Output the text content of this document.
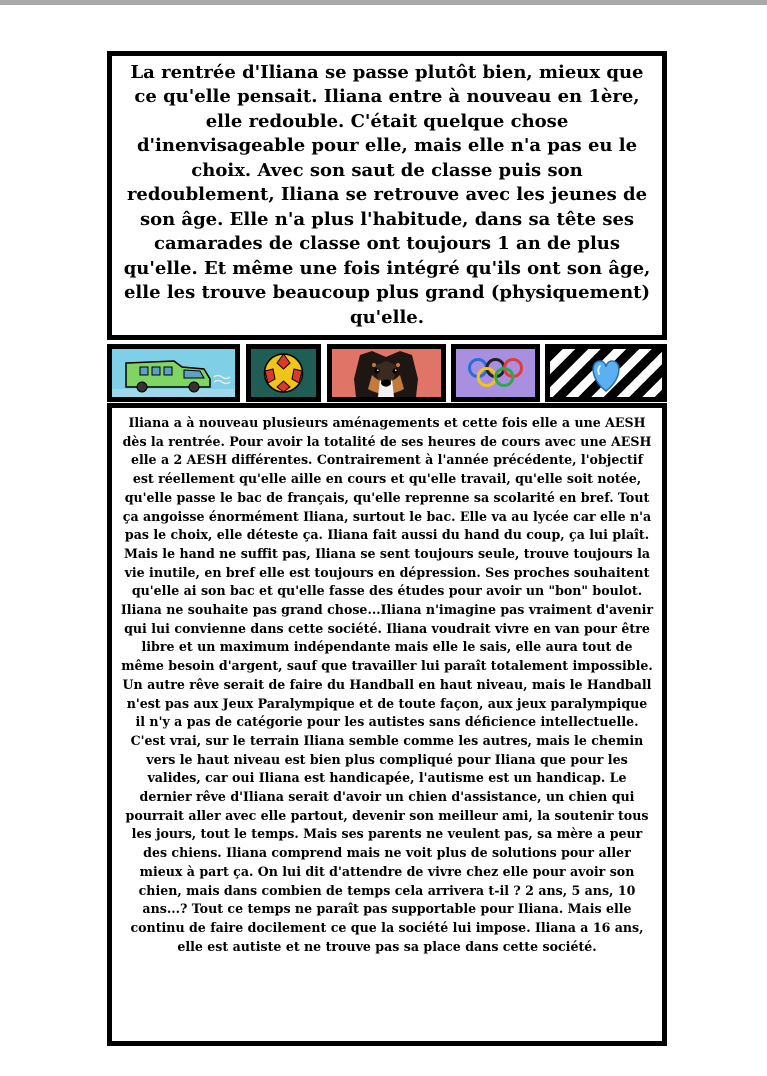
La rentrée d'Iliana se passe plutôt bien, mieux que ce qu'elle pensait. Iliana entre à nouveau en 1ère, elle redouble. C'était quelque chose d'inenvisageable pour elle, mais elle n'a pas eu le choix. Avec son saut de classe puis son redoublement, Iliana se retrouve avec les jeunes de son âge. Elle n'a plus l'habitude, dans sa tête ses camarades de classe ont toujours 1 an de plus qu'elle. Et même une fois intégré qu'ils ont son âge, elle les trouve beaucoup plus grand (physiquement) qu'elle.

Iliana a à nouveau plusieurs aménagements et cette fois elle a une AESH dès la rentrée. Pour avoir la totalité de ses heures de cours avec une AESH elle a 2 AESH différentes. Contrairement à l'année précédente, l'objectif est réellement qu'elle aille en cours et qu'elle travail, qu'elle soit notée, qu'elle passe le bac de français, qu'elle reprenne sa scolarité en bref. Tout ça angoisse énormément Iliana, surtout le bac. Elle va au lycée car elle n'a pas le choix, elle déteste ça. Iliana fait aussi du hand du coup, ça lui plaît. Mais le hand ne suffit pas, Iliana se sent toujours seule, trouve toujours la vie inutile, en bref elle est toujours en dépression. Ses proches souhaitent qu'elle ai son bac et qu'elle fasse des études pour avoir un "bon" boulot. Iliana ne souhaite pas grand chose...Iliana n'imagine pas vraiment d'avenir qui lui convienne dans cette société. Iliana voudrait vivre en van pour être libre et un maximum indépendante mais elle le sais, elle aura tout de même besoin d'argent, sauf que travailler lui paraît totalement impossible. Un autre rêve serait de faire du Handball en haut niveau, mais le Handball n'est pas aux Jeux Paralympique et de toute façon, aux jeux paralympique il n'y a pas de catégorie pour les autistes sans déficience intellectuelle. C'est vrai, sur le terrain Iliana semble comme les autres, mais le chemin vers le haut niveau est bien plus compliqué pour Iliana que pour les valides, car oui Iliana est handicapée, l'autisme est un handicap. Le dernier rêve d'Iliana serait d'avoir un chien d'assistance, un chien qui pourrait aller avec elle partout, devenir son meilleur ami, la soutenir tous les jours, tout le temps. Mais ses parents ne veulent pas, sa mère a peur des chiens. Iliana comprend mais ne voit plus de solutions pour aller mieux à part ça. On lui dit d'attendre de vivre chez elle pour avoir son chien, mais dans combien de temps cela arrivera t-il ? 2 ans, 5 ans, 10 ans...? Tout ce temps ne paraît pas supportable pour Iliana. Mais elle continu de faire docilement ce que la société lui impose. Iliana a 16 ans, elle est autiste et ne trouve pas sa place dans cette société.
